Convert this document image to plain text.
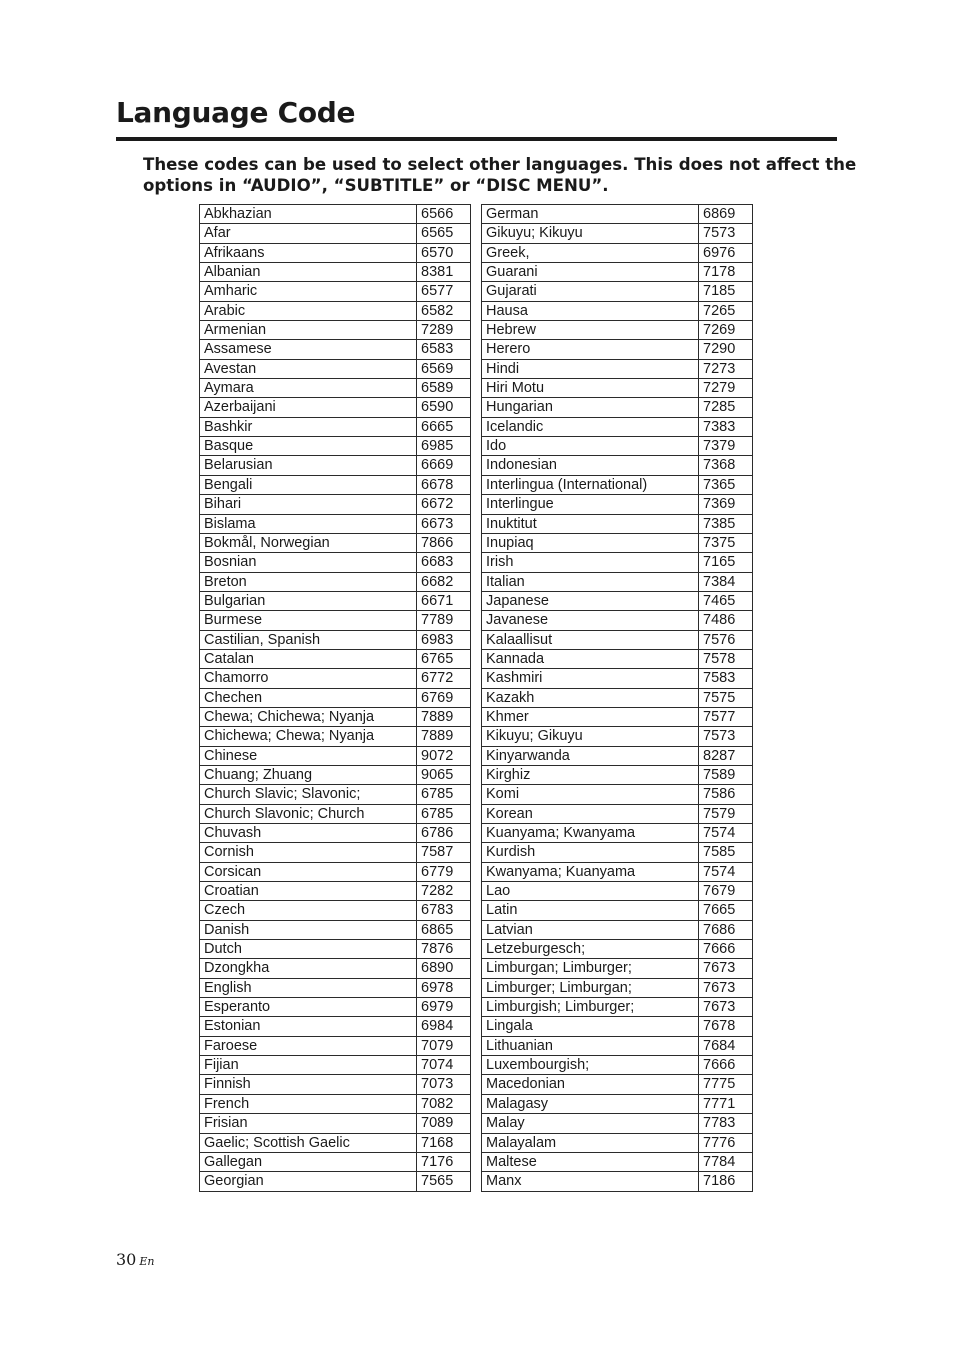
Language Code
These codes can be used to select other languages. This does not affect the
options in “AUDIO”, “SUBTITLE” or “DISC MENU”.
Abkhazian	6566
Afar	6565
Afrikaans	6570
Albanian	8381
Amharic	6577
Arabic	6582
Armenian	7289
Assamese	6583
Avestan	6569
Aymara	6589
Azerbaijani	6590
Bashkir	6665
Basque	6985
Belarusian	6669
Bengali	6678
Bihari	6672
Bislama	6673
Bokmål, Norwegian	7866
Bosnian	6683
Breton	6682
Bulgarian	6671
Burmese	7789
Castilian, Spanish	6983
Catalan	6765
Chamorro	6772
Chechen	6769
Chewa; Chichewa; Nyanja	7889
Chichewa; Chewa; Nyanja	7889
Chinese	9072
Chuang; Zhuang	9065
Church Slavic; Slavonic;	6785
Church Slavonic; Church	6785
Chuvash	6786
Cornish	7587
Corsican	6779
Croatian	7282
Czech	6783
Danish	6865
Dutch	7876
Dzongkha	6890
English	6978
Esperanto	6979
Estonian	6984
Faroese	7079
Fijian	7074
Finnish	7073
French	7082
Frisian	7089
Gaelic; Scottish Gaelic	7168
Gallegan	7176
Georgian	7565
German	6869
Gikuyu; Kikuyu	7573
Greek,	6976
Guarani	7178
Gujarati	7185
Hausa	7265
Hebrew	7269
Herero	7290
Hindi	7273
Hiri Motu	7279
Hungarian	7285
Icelandic	7383
Ido	7379
Indonesian	7368
Interlingua (International)	7365
Interlingue	7369
Inuktitut	7385
Inupiaq	7375
Irish	7165
Italian	7384
Japanese	7465
Javanese	7486
Kalaallisut	7576
Kannada	7578
Kashmiri	7583
Kazakh	7575
Khmer	7577
Kikuyu; Gikuyu	7573
Kinyarwanda	8287
Kirghiz	7589
Komi	7586
Korean	7579
Kuanyama; Kwanyama	7574
Kurdish	7585
Kwanyama; Kuanyama	7574
Lao	7679
Latin	7665
Latvian	7686
Letzeburgesch;	7666
Limburgan; Limburger;	7673
Limburger; Limburgan;	7673
Limburgish; Limburger;	7673
Lingala	7678
Lithuanian	7684
Luxembourgish;	7666
Macedonian	7775
Malagasy	7771
Malay	7783
Malayalam	7776
Maltese	7784
Manx	7186
30 En
